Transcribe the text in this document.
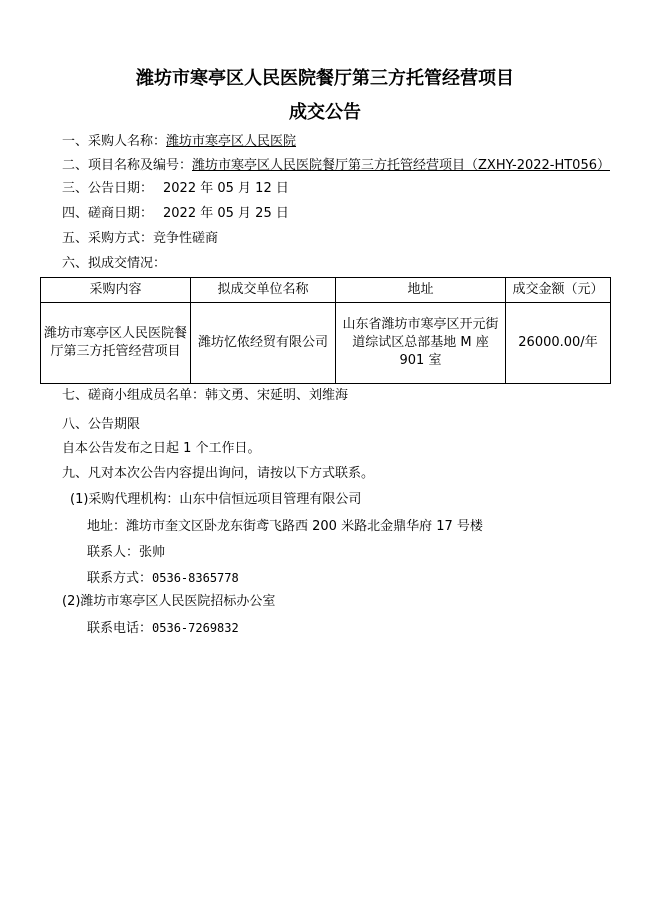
潍坊市寒亭区人民医院餐厅第三方托管经营项目
成交公告
一、采购人名称：潍坊市寒亭区人民医院
二、项目名称及编号：潍坊市寒亭区人民医院餐厅第三方托管经营项目（ZXHY-2022-HT056）
三、公告日期： 2022 年 05 月 12 日
四、磋商日期： 2022 年 05 月 25 日
五、采购方式：竞争性磋商
六、拟成交情况：
采购内容	拟成交单位名称	地址	成交金额（元）
潍坊市寒亭区人民医院餐厅第三方托管经营项目	潍坊忆侬经贸有限公司	山东省潍坊市寒亭区开元街道综试区总部基地 M 座 901 室	26000.00/年
七、磋商小组成员名单：韩文勇、宋延明、刘维海
八、公告期限
自本公告发布之日起 1 个工作日。
九、凡对本次公告内容提出询问，请按以下方式联系。
(1)采购代理机构：山东中信恒远项目管理有限公司
地址：潍坊市奎文区卧龙东街鸢飞路西 200 米路北金鼎华府 17 号楼
联系人：张帅
联系方式：0536-8365778
(2)潍坊市寒亭区人民医院招标办公室
联系电话：0536-7269832
